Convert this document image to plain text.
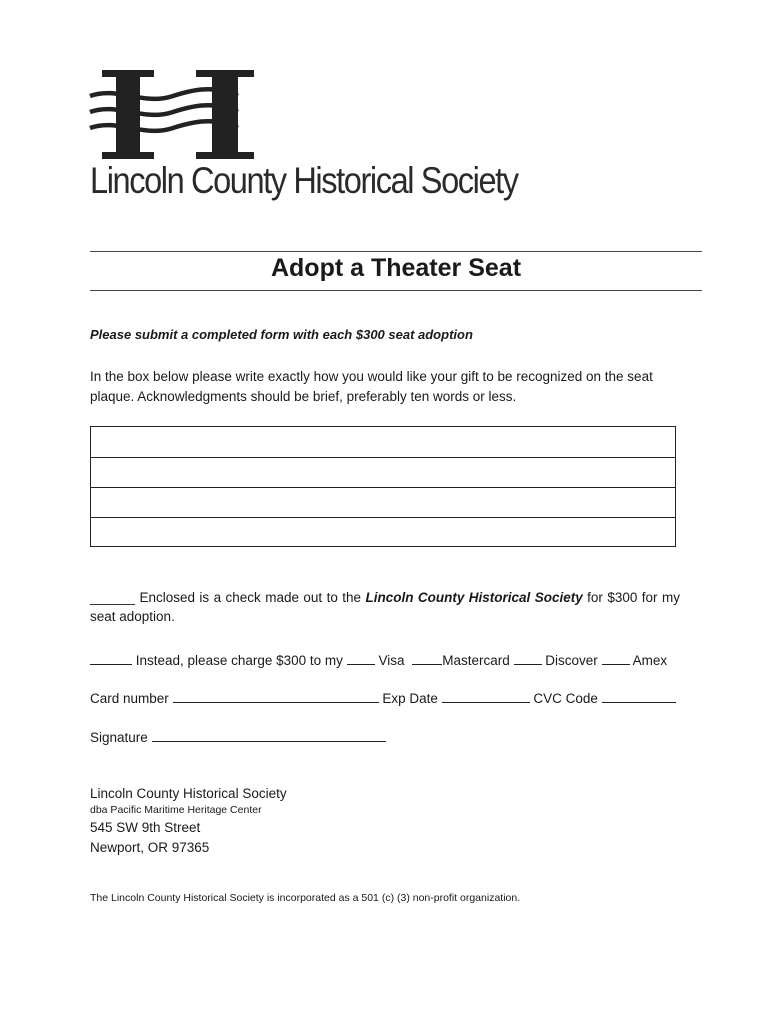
Lincoln County Historical Society
Adopt a Theater Seat
Please submit a completed form with each $300 seat adoption
In the box below please write exactly how you would like your gift to be recognized on the seat plaque. Acknowledgments should be brief, preferably ten words or less.
______ Enclosed is a check made out to the Lincoln County Historical Society for $300 for my seat adoption.
Instead, please charge $300 to my	Visa	Mastercard	Discover	Amex
Card number	Exp Date	CVC Code
Signature
Lincoln County Historical Society
dba Pacific Maritime Heritage Center
545 SW 9th Street
Newport, OR 97365
The Lincoln County Historical Society is incorporated as a 501 (c) (3) non-profit organization.
